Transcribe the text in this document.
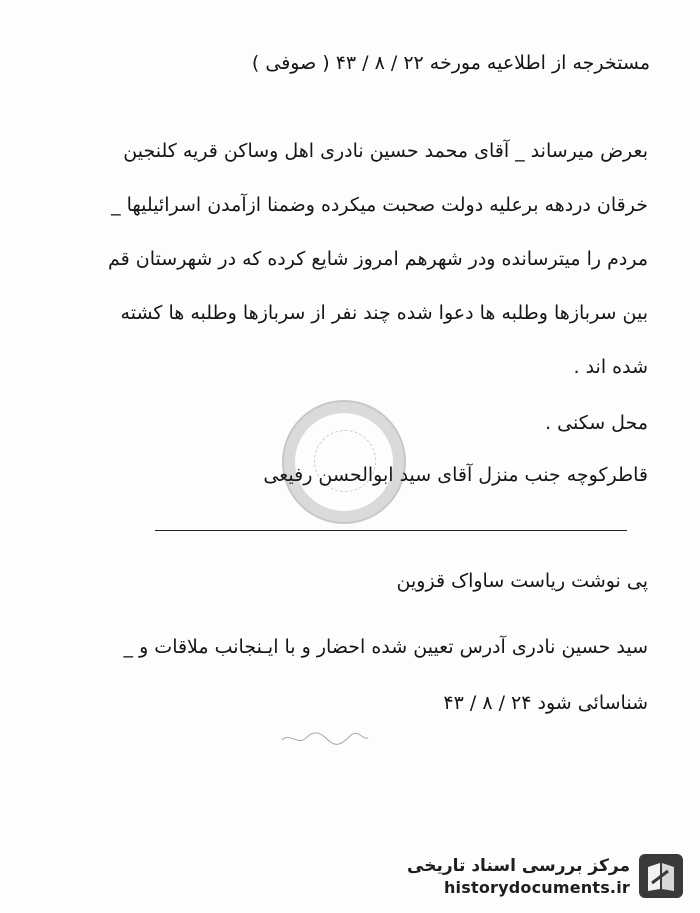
مستخرجه از اطلاعیه مورخه ۲۲ / ۸ / ۴۳ ( صوفی )
بعرض میرساند _ آقای محمد حسین نادری اهل وساکن قریه کلنجین
خرقان دردهه برعلیه دولت صحبت میکرده وضمنا ازآمدن اسرائیلیها _
مردم را میترسانده ودر شهرهم امروز شایع کرده که در شهرستان قم
بین سربازها وطلبه ها دعوا شده چند نفر از سربازها وطلبه ها کشته
شده اند .
محل سکنی .
قاطرکوچه جنب منزل آقای سید ابوالحسن رفیعی
پی نوشت ریاست ساواک قزوین
سید حسین نادری آدرس تعیین شده احضار و با ایـنجانب ملاقات و _
شناسائی شود ۲۴ / ۸ / ۴۳
مرکز بررسی اسناد تاریخی
historydocuments.ir
